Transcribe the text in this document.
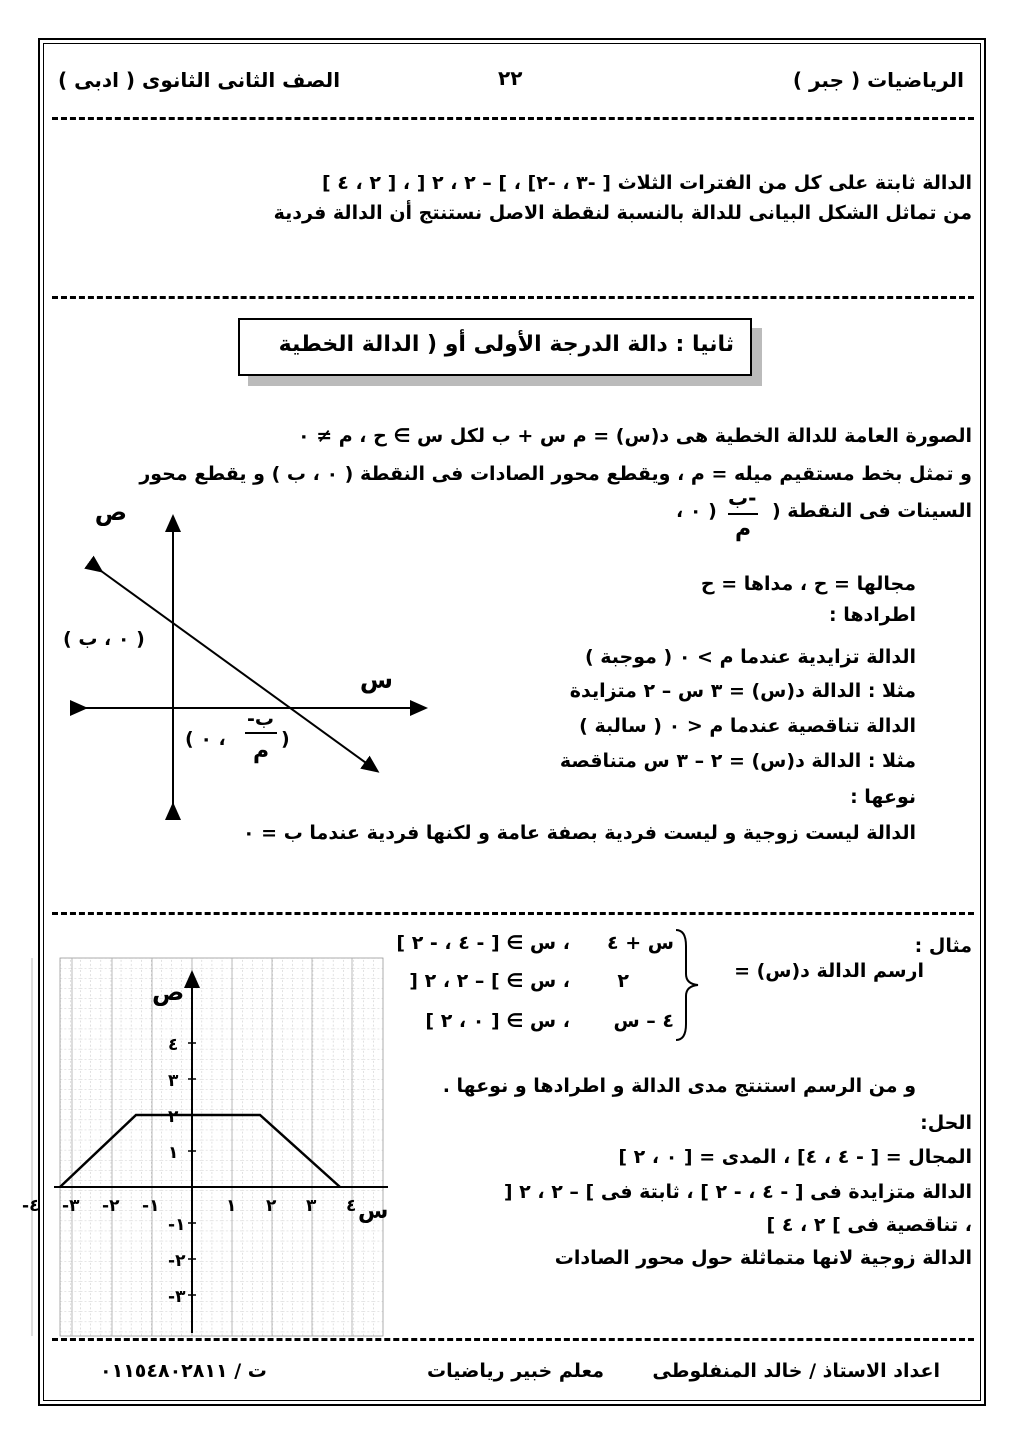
الرياضيات ( جبر )
٢٢
الصف الثانى الثانوى ( ادبى )
الدالة ثابتة على كل من الفترات الثلاث [ -٣ ، -٢] ، ] – ٢ ، ٢ [ ، [ ٢ ، ٤ ]
من تماثل الشكل البيانى للدالة بالنسبة لنقطة الاصل نستنتج أن الدالة فردية
ثانيا : دالة الدرجة الأولى أو ( الدالة الخطية
الصورة العامة للدالة الخطية هى د(س) = م س + ب لكل س ∋ ح ، م ≠ ٠
و تمثل بخط مستقيم ميله = م ، ويقطع محور الصادات فى النقطة ( ٠ ، ب ) و يقطع محور
السينات فى النقطة (
-ب
م
، ٠ )
مجالها = ح ، مداها = ح
اطرادها :
الدالة تزايدية عندما م > ٠ ( موجبة )
مثلا : الدالة د(س) = ٣ س – ٢ متزايدة
الدالة تناقصية عندما م < ٠ ( سالبة )
مثلا : الدالة د(س) = ٢ – ٣ س متناقصة
نوعها :
الدالة ليست زوجية و ليست فردية بصفة عامة و لكنها فردية عندما ب = ٠
ص
س
( ٠ ، ب )
( ٠ ،
-ب
م )
مثال :
ارسم الدالة د(س) =
س + ٤
، س ∋ [ - ٤ ، - ٢ ]
٢
، س ∋ ] – ٢ ، ٢ [
٤ – س
، س ∋ [ ٠ ، ٢ ]
و من الرسم استنتج مدى الدالة و اطرادها و نوعها .
الحل:
المجال = [ - ٤ ، ٤] ، المدى = [ ٠ ، ٢ ]
الدالة متزايدة فى [ - ٤ ، - ٢ ] ، ثابتة فى ] – ٢ ، ٢ [
، تناقصية فى ] ٢ ، ٤ ]
الدالة زوجية لانها متماثلة حول محور الصادات
ص
س
٤
٣
٢
١
-١
-٢
-٣
١ ٢ ٣ ٤
-١
-٢
-٣
-٤
اعداد الاستاذ / خالد المنفلوطى
معلم خبير رياضيات
ت / ٠١١٥٤٨٠٢٨١١
